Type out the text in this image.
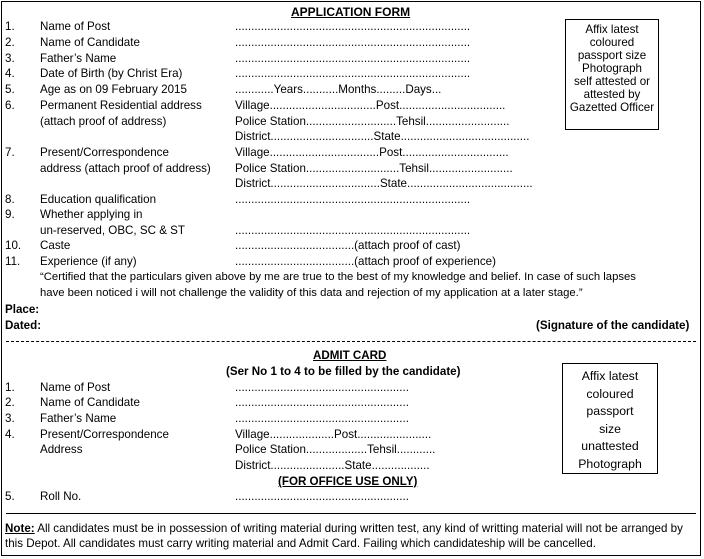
APPLICATION FORM
Affix latest
coloured
passport size
Photograph
self attested or
attested by
Gazetted Officer
1. Name of Post	.........................................................................
2. Name of Candidate	.........................................................................
3. Father’s Name	.........................................................................
4. Date of Birth (by Christ Era)	.........................................................................
5. Age as on 09 February 2015	............Years...........Months.........Days...
6. Permanent Residential address
(attach proof of address)
Village.................................Post.................................
Police Station............................Tehsil..........................
District................................State........................................
7. Present/Correspondence
address (attach proof of address)
Village..................................Post.................................
Police Station.............................Tehsil..........................
District..................................State.......................................
8. Education qualification	.........................................................................
9. Whether applying in
un-reserved, OBC, SC & ST	.........................................................................
10. Caste	.....................................(attach proof of cast)
11. Experience (if any)	.....................................(attach proof of experience)
“Certified that the particulars given above by me are true to the best of my knowledge and belief. In case of such lapses
have been noticed i will not challenge the validity of this data and rejection of my application at a later stage.”
Place:
Dated:	(Signature of the candidate)
ADMIT CARD
(Ser No 1 to 4 to be filled by the candidate)	Affix latest
coloured
passport
size
unattested
Photograph
1. Name of Post	......................................................
2. Name of Candidate	......................................................
3. Father’s Name	......................................................
4. Present/Correspondence
Address
Village....................Post.......................
Police Station...................Tehsil............
District.......................State..................
(FOR OFFICE USE ONLY)
5. Roll No.	......................................................
Note: All candidates must be in possession of writing material during written test, any kind of writting material will not be arranged by this Depot. All candidates must carry writing material and Admit Card. Failing which candidateship will be cancelled.
